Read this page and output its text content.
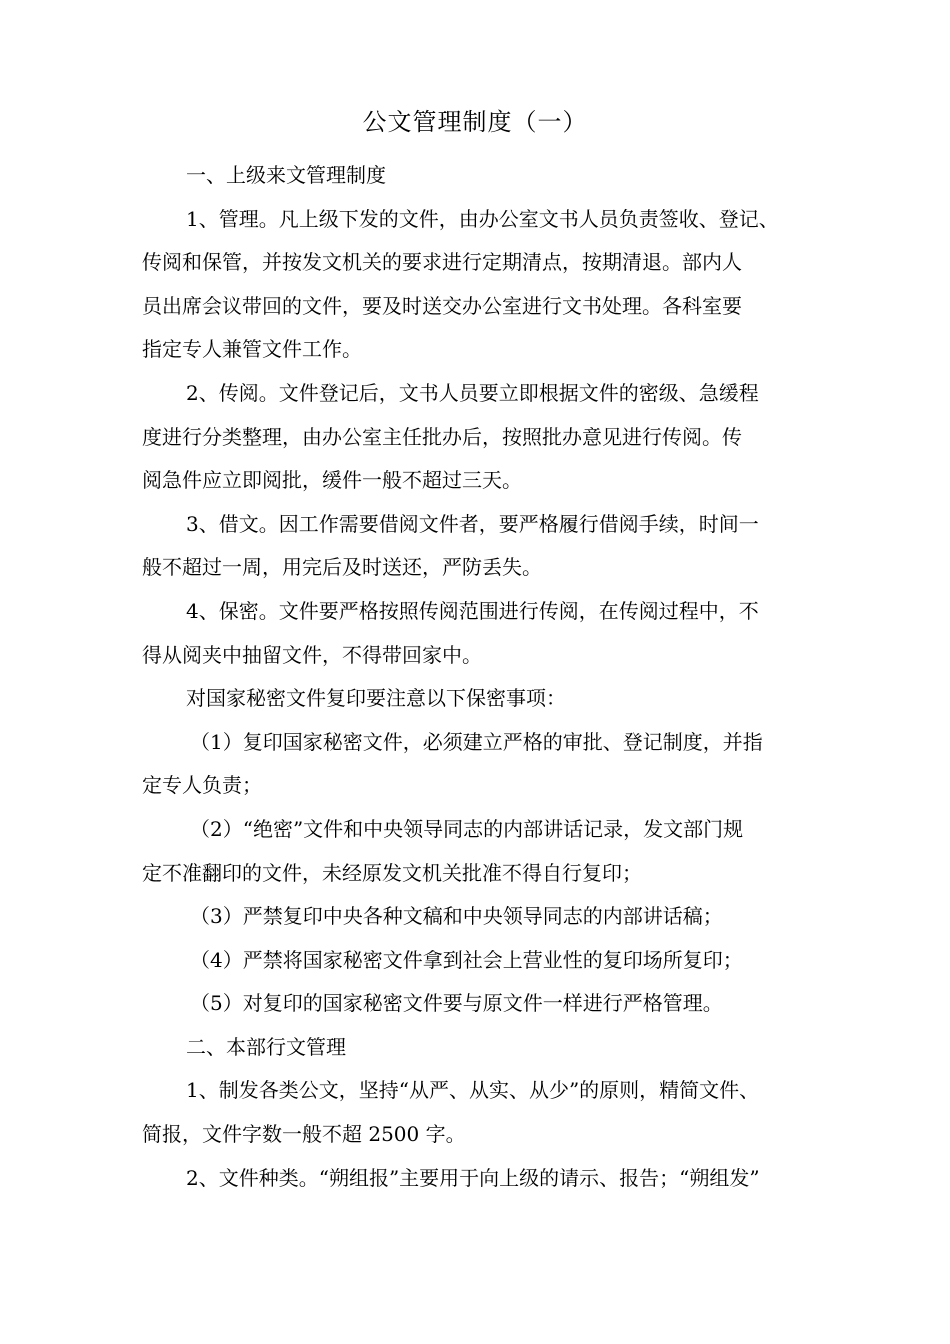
公文管理制度（一）

一、上级来文管理制度

1、管理。凡上级下发的文件，由办公室文书人员负责签收、登记、

传阅和保管，并按发文机关的要求进行定期清点，按期清退。部内人

员出席会议带回的文件，要及时送交办公室进行文书处理。各科室要

指定专人兼管文件工作。

2、传阅。文件登记后，文书人员要立即根据文件的密级、急缓程

度进行分类整理，由办公室主任批办后，按照批办意见进行传阅。传

阅急件应立即阅批，缓件一般不超过三天。

3、借文。因工作需要借阅文件者，要严格履行借阅手续，时间一

般不超过一周，用完后及时送还，严防丢失。

4、保密。文件要严格按照传阅范围进行传阅，在传阅过程中，不

得从阅夹中抽留文件，不得带回家中。

对国家秘密文件复印要注意以下保密事项：

（1）复印国家秘密文件，必须建立严格的审批、登记制度，并指

定专人负责；

（2）“绝密”文件和中央领导同志的内部讲话记录，发文部门规

定不准翻印的文件，未经原发文机关批准不得自行复印；

（3）严禁复印中央各种文稿和中央领导同志的内部讲话稿；

（4）严禁将国家秘密文件拿到社会上营业性的复印场所复印；

（5）对复印的国家秘密文件要与原文件一样进行严格管理。

二、本部行文管理

1、制发各类公文，坚持“从严、从实、从少”的原则，精简文件、

简报，文件字数一般不超 2500 字。

2、文件种类。“朔组报”主要用于向上级的请示、报告；“朔组发”
